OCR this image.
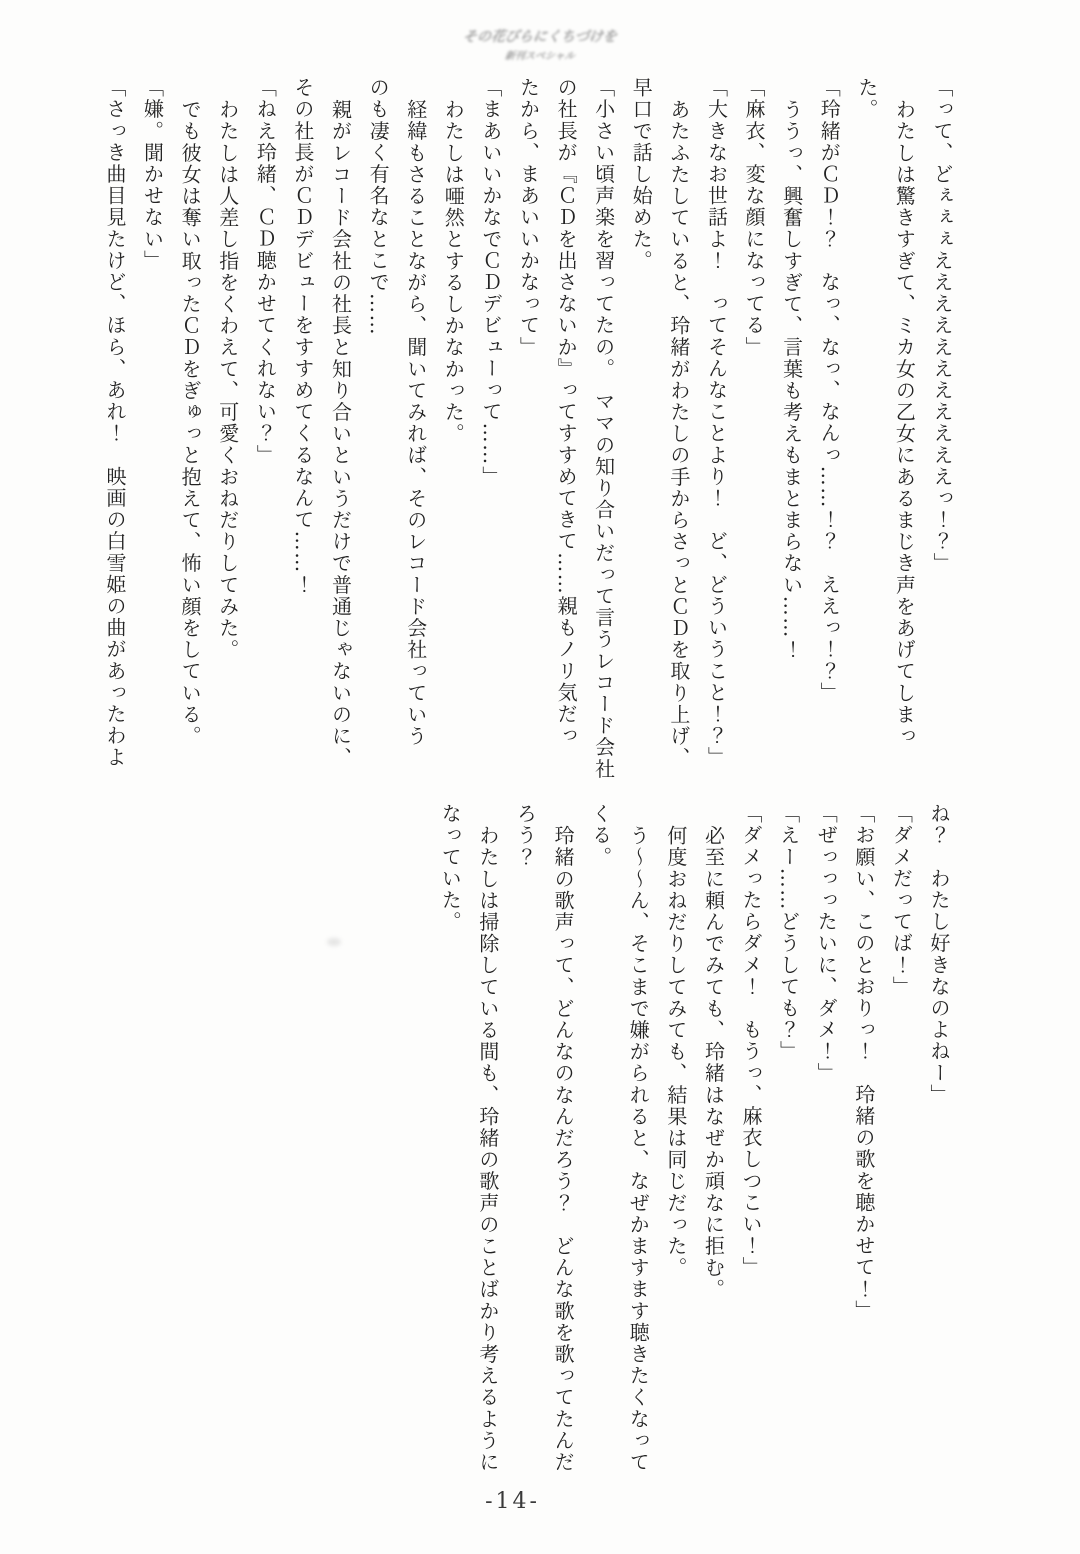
その花びらにくちづけを
新刊スペシャル
「って、どぇぇぇえええええええええええっ！？」
わたしは驚きすぎて、ミカ女の乙女にあるまじき声をあげてしまっ
た。
「玲緒がＣＤ！？　なっ、なっ、なんっ……！？　ええっ！？」
ううっ、興奮しすぎて、言葉も考えもまとまらない……！
「麻衣、変な顔になってる」
「大きなお世話よ！　ってそんなことより！　ど、どういうこと！？」
あたふたしていると、玲緒がわたしの手からさっとＣＤを取り上げ、
早口で話し始めた。
「小さい頃声楽を習ってたの。　ママの知り合いだって言うレコード会社
の社長が『ＣＤを出さないか』ってすすめてきて……親もノリ気だっ
たから、まあいいかなって」
「まあいいかなでＣＤデビューって……」
わたしは唖然とするしかなかった。
経緯もさることながら、聞いてみれば、そのレコード会社っていう
のも凄く有名なとこで……
親がレコード会社の社長と知り合いというだけで普通じゃないのに、
その社長がＣＤデビューをすすめてくるなんて……！
「ねえ玲緒、ＣＤ聴かせてくれない？」
わたしは人差し指をくわえて、可愛くおねだりしてみた。
でも彼女は奪い取ったＣＤをぎゅっと抱えて、怖い顔をしている。
「嫌。聞かせない」
「さっき曲目見たけど、ほら、あれ！　映画の白雪姫の曲があったわよ
ね？　わたし好きなのよねー」
「ダメだってば！」
「お願い、このとおりっ！　玲緒の歌を聴かせて！」
「ぜっっったいに、ダメ！」
「えー……どうしても？」
「ダメったらダメ！　もうっ、麻衣しつこい！」
必至に頼んでみても、玲緒はなぜか頑なに拒む。
何度おねだりしてみても、結果は同じだった。
う～～ん、そこまで嫌がられると、なぜかますます聴きたくなって
くる。
玲緒の歌声って、どんなのなんだろう？　どんな歌を歌ってたんだ
ろう？
わたしは掃除している間も、玲緒の歌声のことばかり考えるように
なっていた。
-14-
